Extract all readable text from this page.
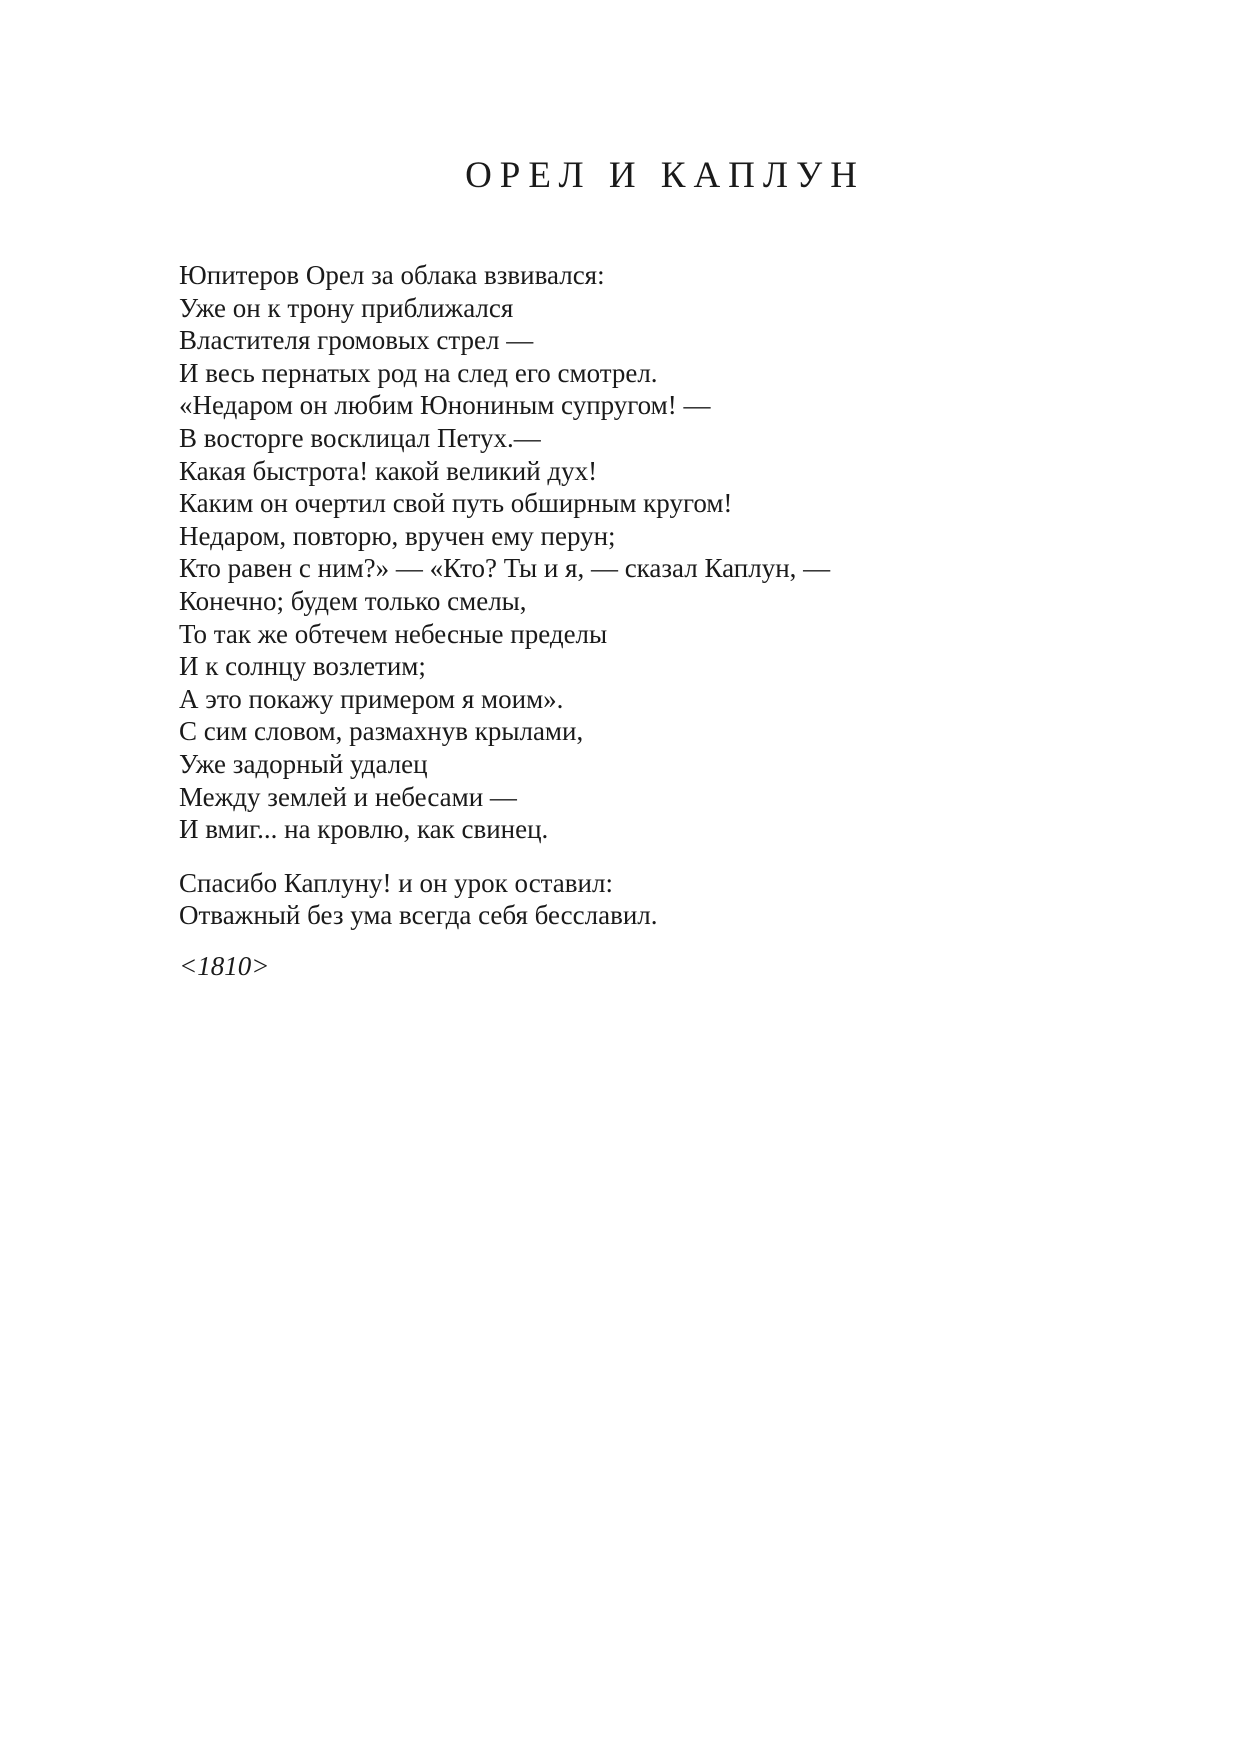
ОРЕЛ И КАПЛУН

Юпитеров Орел за облака взвивался:
Уже он к трону приближался
Властителя громовых стрел —
И весь пернатых род на след его смотрел.
«Недаром он любим Юнониным супругом! —
В восторге восклицал Петух.—
Какая быстрота! какой великий дух!
Каким он очертил свой путь обширным кругом!
Недаром, повторю, вручен ему перун;
Кто равен с ним?» — «Кто? Ты и я, — сказал Каплун, —
Конечно; будем только смелы,
То так же обтечем небесные пределы
И к солнцу возлетим;
А это покажу примером я моим».
С сим словом, размахнув крылами,
Уже задорный удалец
Между землей и небесами —
И вмиг... на кровлю, как свинец.

Спасибо Каплуну! и он урок оставил:
Отважный без ума всегда себя бесславил.

<1810>
